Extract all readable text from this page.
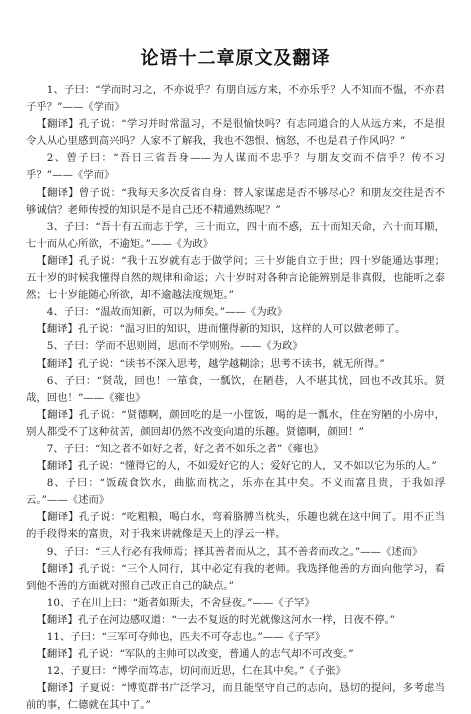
论语十二章原文及翻译

1、子曰：“学而时习之，不亦说乎？有朋自远方来，不亦乐乎？人不知而不愠，不亦君子乎？”——《学而》

【翻译】孔子说：“学习并时常温习，不是很愉快吗？有志同道合的人从远方来，不是很令人从心里感到高兴吗？人家不了解我，我也不怨恨、恼怒，不也是君子作风吗？”

2、曾子曰：“吾日三省吾身——为人谋而不忠乎？与朋友交而不信乎？传不习乎？”——《学而》

【翻译】曾子说：“我每天多次反省自身：替人家谋虑是否不够尽心？和朋友交往是否不够诚信？老师传授的知识是不是自己还不精通熟练呢？”

3、子曰：“吾十有五而志于学，三十而立，四十而不惑，五十而知天命，六十而耳顺，七十而从心所欲，不逾矩。”——《为政》

【翻译】孔子说：“我十五岁就有志于做学问；三十岁能自立于世；四十岁能通达事理；五十岁的时候我懂得自然的规律和命运；六十岁时对各种言论能辨别是非真假，也能听之泰然；七十岁能随心所欲，却不逾越法度规矩。”

4、子曰：“温故而知新，可以为师矣。”——《为政》

【翻译】孔子说：“温习旧的知识，进而懂得新的知识，这样的人可以做老师了。

5、子曰：学而不思则罔，思而不学则殆。——《为政》

【翻译】孔子说：“读书不深入思考，越学越糊涂；思考不读书，就无所得。”

6、子曰：“贤哉，回也！一箪食，一瓢饮，在陋巷，人不堪其忧，回也不改其乐。贤哉，回也！”——《雍也》

【翻译】孔子说：“贤德啊，颜回吃的是一小筐饭，喝的是一瓢水，住在穷陋的小房中，别人都受不了这种贫苦，颜回却仍然不改变向道的乐趣。贤德啊，颜回！”

7、子曰：“知之者不如好之者，好之者不如乐之者”《雍也》

【翻译】孔子说：“懂得它的人，不如爱好它的人；爱好它的人，又不如以它为乐的人。”

8、子曰：“饭疏食饮水，曲肱而枕之，乐亦在其中矣。不义而富且贵，于我如浮云。”——《述而》

【翻译】孔子说：“吃粗粮，喝白水，弯着胳膊当枕头，乐趣也就在这中间了。用不正当的手段得来的富贵，对于我来讲就像是天上的浮云一样。

9、子曰：“三人行必有我师焉；择其善者而从之，其不善者而改之。”——《述而》

【翻译】孔子说：“三个人同行，其中必定有我的老师。我选择他善的方面向他学习，看到他不善的方面就对照自己改正自己的缺点。”

10、子在川上曰：“逝者如斯夫，不舍昼夜。”——《子罕》

【翻译】孔子在河边感叹道：“一去不复返的时光就像这河水一样，日夜不停。”

11、子曰：“三军可夺帅也，匹夫不可夺志也。”——《子罕》

【翻译】孔子说：“军队的主帅可以改变，普通人的志气却不可改变。”

12、子夏曰：“博学而笃志，切问而近思，仁在其中矣。”《子张》

【翻译】子夏说：“博览群书广泛学习，而且能坚守自己的志向，恳切的提问，多考虑当前的事，仁德就在其中了。”
